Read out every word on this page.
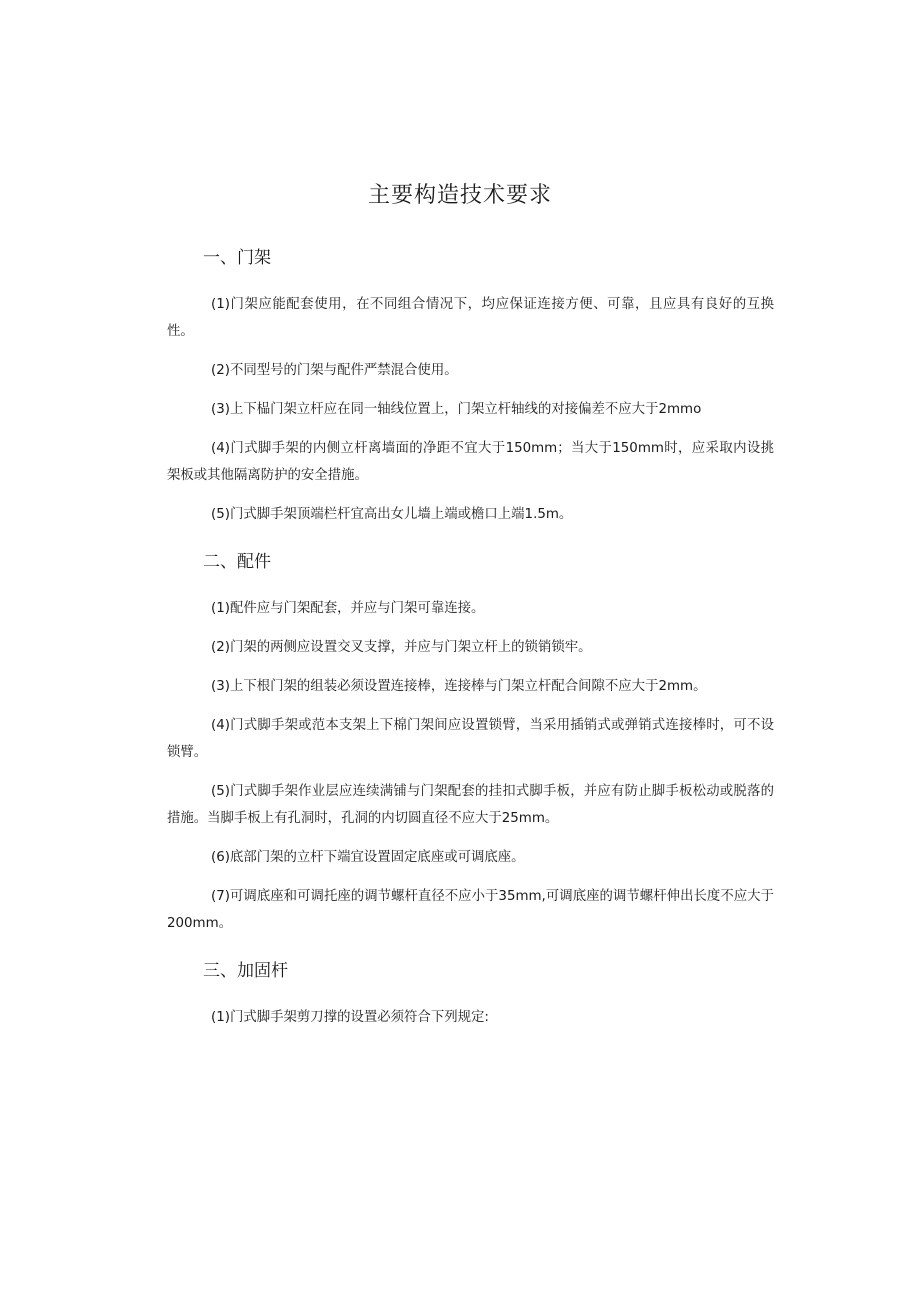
主要构造技术要求
一、门架

(1)门架应能配套使用，在不同组合情况下，均应保证连接方便、可靠，且应具有良好的互换性。

(2)不同型号的门架与配件严禁混合使用。

(3)上下榀门架立杆应在同一轴线位置上，门架立杆轴线的对接偏差不应大于2mmo

(4)门式脚手架的内侧立杆离墙面的净距不宜大于150mm；当大于150mm时，应采取内设挑架板或其他隔离防护的安全措施。

(5)门式脚手架顶端栏杆宜高出女儿墙上端或檐口上端1.5m。

二、配件

(1)配件应与门架配套，并应与门架可靠连接。

(2)门架的两侧应设置交叉支撑，并应与门架立杆上的锁销锁牢。

(3)上下根门架的组装必须设置连接棒，连接棒与门架立杆配合间隙不应大于2mm。

(4)门式脚手架或范本支架上下棉门架间应设置锁臂，当采用插销式或弹销式连接棒时，可不设锁臂。

(5)门式脚手架作业层应连续满铺与门架配套的挂扣式脚手板，并应有防止脚手板松动或脱落的措施。当脚手板上有孔洞时，孔洞的内切圆直径不应大于25mm。

(6)底部门架的立杆下端宜设置固定底座或可调底座。

(7)可调底座和可调托座的调节螺杆直径不应小于35mm,可调底座的调节螺杆伸出长度不应大于200mm。

三、加固杆

(1)门式脚手架剪刀撑的设置必须符合下列规定:
